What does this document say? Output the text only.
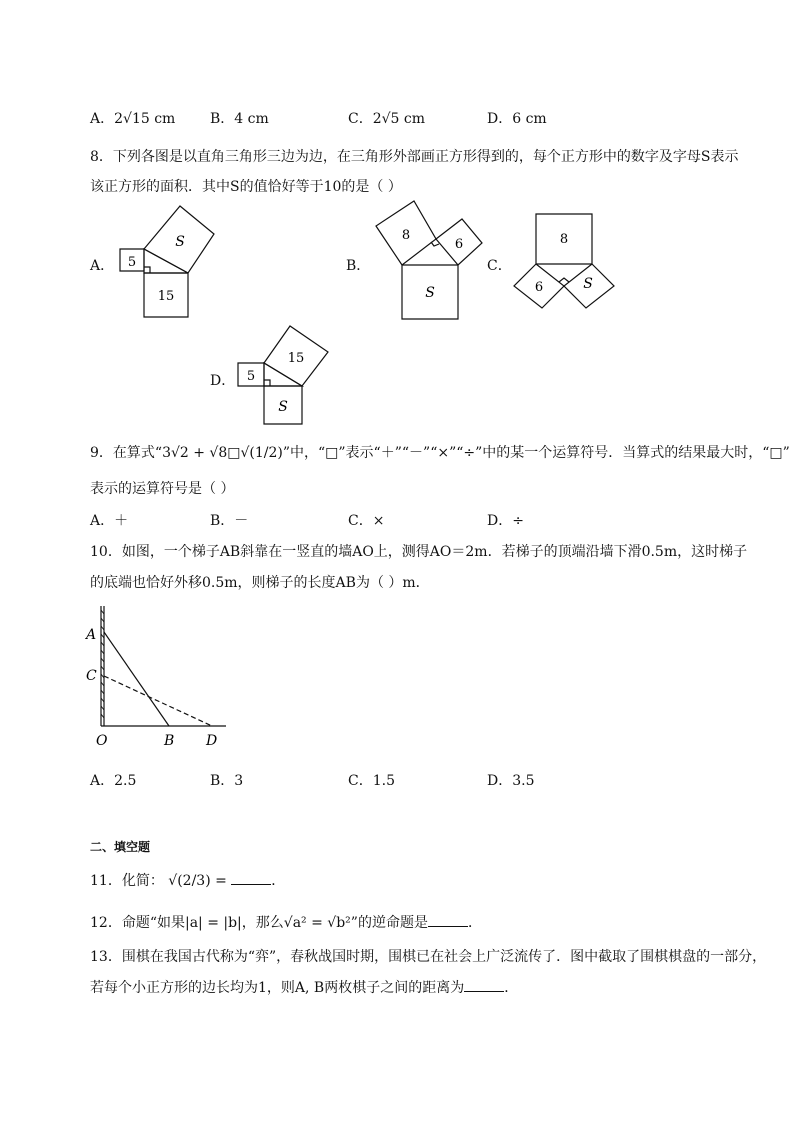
A．2√15 cm B．4 cm	C．2√5 cm	D．6 cm
8．下列各图是以直角三角形三边为边，在三角形外部画正方形得到的，每个正方形中的数字及字母S表示
该正方形的面积．其中S的值恰好等于10的是（ ）
A． 5
15
S
B．
8
6
S
C．
8
6	S
D． 5
15
S
9．在算式“3√2 + √8□√(1/2)”中，“□”表示“＋”“－”“×”“÷”中的某一个运算符号．当算式的结果最大时，“□”
表示的运算符号是（ ）
A．＋	B．－	C．×	D．÷
10．如图，一个梯子AB斜靠在一竖直的墙AO上，测得AO＝2m．若梯子的顶端沿墙下滑0.5m，这时梯子
的底端也恰好外移0.5m，则梯子的长度AB为（ ）m．
A
C
O	B D
A．2.5	B．3	C．1.5	D．3.5
二、填空题
11．化简： √(2/3) =	．
12．命题“如果|a| = |b|，那么√a² = √b²”的逆命题是	．
13．围棋在我国古代称为“弈”，春秋战国时期，围棋已在社会上广泛流传了．图中截取了围棋棋盘的一部分，
若每个小正方形的边长均为1，则A, B两枚棋子之间的距离为	．
